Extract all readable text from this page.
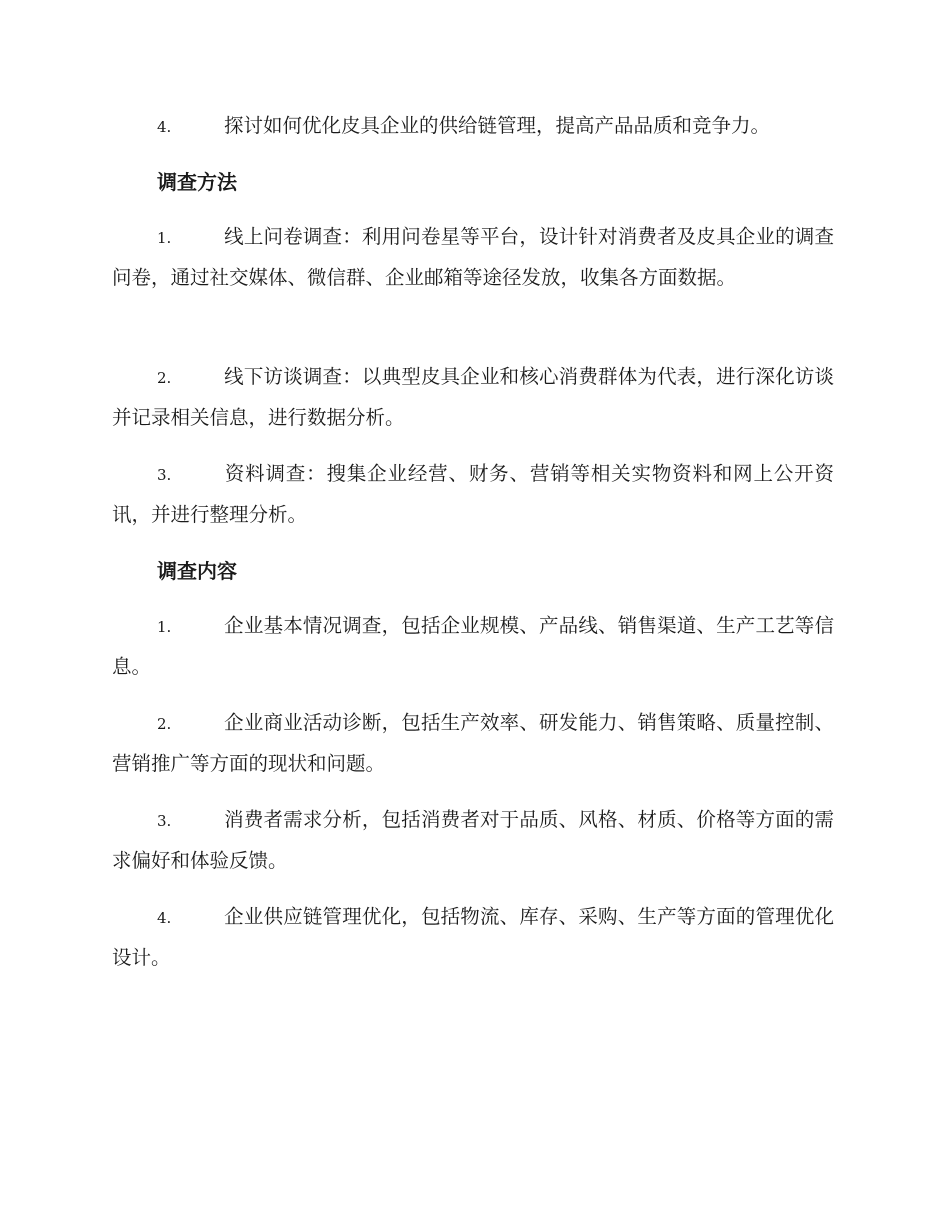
4.	探讨如何优化皮具企业的供给链管理，提高产品品质和竞争力。

调查方法

1.	线上问卷调查：利用问卷星等平台，设计针对消费者及皮具企业的调查问卷，通过社交媒体、微信群、企业邮箱等途径发放，收集各方面数据。

2.	线下访谈调查：以典型皮具企业和核心消费群体为代表，进行深化访谈并记录相关信息，进行数据分析。

3.	资料调查：搜集企业经营、财务、营销等相关实物资料和网上公开资讯，并进行整理分析。

调查内容

1.	企业基本情况调查，包括企业规模、产品线、销售渠道、生产工艺等信息。

2.	企业商业活动诊断，包括生产效率、研发能力、销售策略、质量控制、营销推广等方面的现状和问题。

3.	消费者需求分析，包括消费者对于品质、风格、材质、价格等方面的需求偏好和体验反馈。

4.	企业供应链管理优化，包括物流、库存、采购、生产等方面的管理优化设计。
